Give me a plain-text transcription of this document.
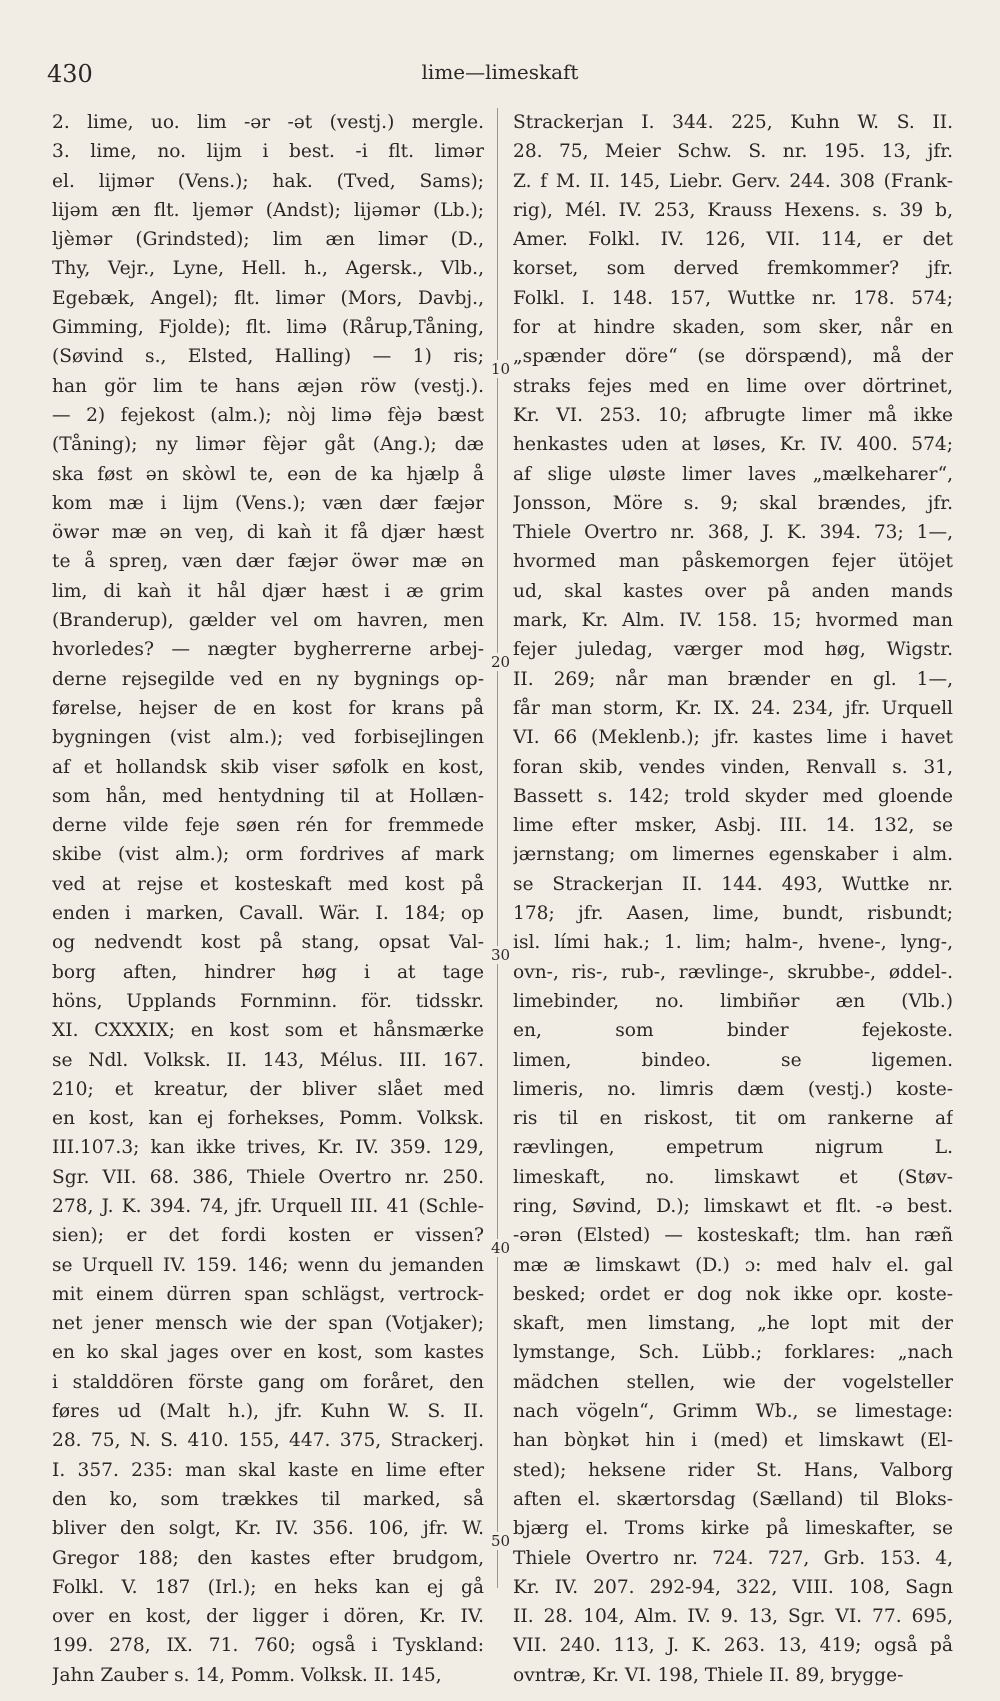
430	lime—limeskaft
10
20
30
40
50
2. lime, uo. lim -ər -ət (vestj.) mergle.
3. lime, no. lijm i best. -i flt. limər
el. lijmər (Vens.); hak. (Tved, Sams);
lijəm æn flt. ljemər (Andst); lijəmər (Lb.);
ljèmər (Grindsted); lim æn limər (D.,
Thy, Vejr., Lyne, Hell. h., Agersk., Vlb.,
Egebæk, Angel); flt. limər (Mors, Davbj.,
Gimming, Fjolde); flt. limə (Rårup,Tåning,
(Søvind s., Elsted, Halling) — 1) ris;
han gör lim te hans æjən röw (vestj.).
— 2) fejekost (alm.); nòj limə fèjə bæst
(Tåning); ny limər fèjər gåt (Ang.); dæ
ska føst ən skòwl te, eən de ka hjælp å
kom mæ i lijm (Vens.); væn dær fæjər
öwər mæ ən veŋ, di kaǹ it få djær hæst
te å spreŋ, væn dær fæjər öwər mæ ən
lim, di kaǹ it hål djær hæst i æ grim
(Branderup), gælder vel om havren, men
hvorledes? — nægter bygherrerne arbej-
derne rejsegilde ved en ny bygnings op-
førelse, hejser de en kost for krans på
bygningen (vist alm.); ved forbisejlingen
af et hollandsk skib viser søfolk en kost,
som hån, med hentydning til at Hollæn-
derne vilde feje søen rén for fremmede
skibe (vist alm.); orm fordrives af mark
ved at rejse et kosteskaft med kost på
enden i marken, Cavall. Wär. I. 184; op
og nedvendt kost på stang, opsat Val-
borg aften, hindrer høg i at tage
höns, Upplands Fornminn. för. tidsskr.
XI. CXXXIX; en kost som et hånsmærke
se Ndl. Volksk. II. 143, Mélus. III. 167.
210; et kreatur, der bliver slået med
en kost, kan ej forhekses, Pomm. Volksk.
III.107.3; kan ikke trives, Kr. IV. 359. 129,
Sgr. VII. 68. 386, Thiele Overtro nr. 250.
278, J. K. 394. 74, jfr. Urquell III. 41 (Schle-
sien); er det fordi kosten er vissen?
se Urquell IV. 159. 146; wenn du jemanden
mit einem dürren span schlägst, vertrock-
net jener mensch wie der span (Votjaker);
en ko skal jages over en kost, som kastes
i stalddören förste gang om foråret, den
føres ud (Malt h.), jfr. Kuhn W. S. II.
28. 75, N. S. 410. 155, 447. 375, Strackerj.
I. 357. 235: man skal kaste en lime efter
den ko, som trækkes til marked, så
bliver den solgt, Kr. IV. 356. 106, jfr. W.
Gregor 188; den kastes efter brudgom,
Folkl. V. 187 (Irl.); en heks kan ej gå
over en kost, der ligger i dören, Kr. IV.
199. 278, IX. 71. 760; også i Tyskland:
Jahn Zauber s. 14, Pomm. Volksk. II. 145,
Strackerjan I. 344. 225, Kuhn W. S. II.
28. 75, Meier Schw. S. nr. 195. 13, jfr.
Z. f M. II. 145, Liebr. Gerv. 244. 308 (Frank-
rig), Mél. IV. 253, Krauss Hexens. s. 39 b,
Amer. Folkl. IV. 126, VII. 114, er det
korset, som derved fremkommer? jfr.
Folkl. I. 148. 157, Wuttke nr. 178. 574;
for at hindre skaden, som sker, når en
„spænder döre“ (se dörspænd), må der
straks fejes med en lime over dörtrinet,
Kr. VI. 253. 10; afbrugte limer må ikke
henkastes uden at løses, Kr. IV. 400. 574;
af slige uløste limer laves „mælkeharer“,
Jonsson, Möre s. 9; skal brændes, jfr.
Thiele Overtro nr. 368, J. K. 394. 73; 1—,
hvormed man påskemorgen fejer ütöjet
ud, skal kastes over på anden mands
mark, Kr. Alm. IV. 158. 15; hvormed man
fejer juledag, værger mod høg, Wigstr.
II. 269; når man brænder en gl. 1—,
får man storm, Kr. IX. 24. 234, jfr. Urquell
VI. 66 (Meklenb.); jfr. kastes lime i havet
foran skib, vendes vinden, Renvall s. 31,
Bassett s. 142; trold skyder med gloende
lime efter msker, Asbj. III. 14. 132, se
jærnstang; om limernes egenskaber i alm.
se Strackerjan II. 144. 493, Wuttke nr.
178; jfr. Aasen, lime, bundt, risbundt;
isl. lími hak.; 1. lim; halm-, hvene-, lyng-,
ovn-, ris-, rub-, rævlinge-, skrubbe-, øddel-.
limebinder, no. limbiñər æn (Vlb.)
en, som binder fejekoste.
limen, bindeo. se ligemen.
limeris, no. limris dæm (vestj.) koste-
ris til en riskost, tit om rankerne af
rævlingen, empetrum nigrum L.
limeskaft, no. limskawt et (Støv-
ring, Søvind, D.); limskawt et flt. -ə best.
-ərən (Elsted) — kosteskaft; tlm. han ræñ
mæ æ limskawt (D.) ɔ: med halv el. gal
besked; ordet er dog nok ikke opr. koste-
skaft, men limstang, „he lopt mit der
lymstange, Sch. Lübb.; forklares: „nach
mädchen stellen, wie der vogelsteller
nach vögeln“, Grimm Wb., se limestage:
han bòŋkət hin i (med) et limskawt (El-
sted); heksene rider St. Hans, Valborg
aften el. skærtorsdag (Sælland) til Bloks-
bjærg el. Troms kirke på limeskafter, se
Thiele Overtro nr. 724. 727, Grb. 153. 4,
Kr. IV. 207. 292-94, 322, VIII. 108, Sagn
II. 28. 104, Alm. IV. 9. 13, Sgr. VI. 77. 695,
VII. 240. 113, J. K. 263. 13, 419; også på
ovntræ, Kr. VI. 198, Thiele II. 89, brygge-
